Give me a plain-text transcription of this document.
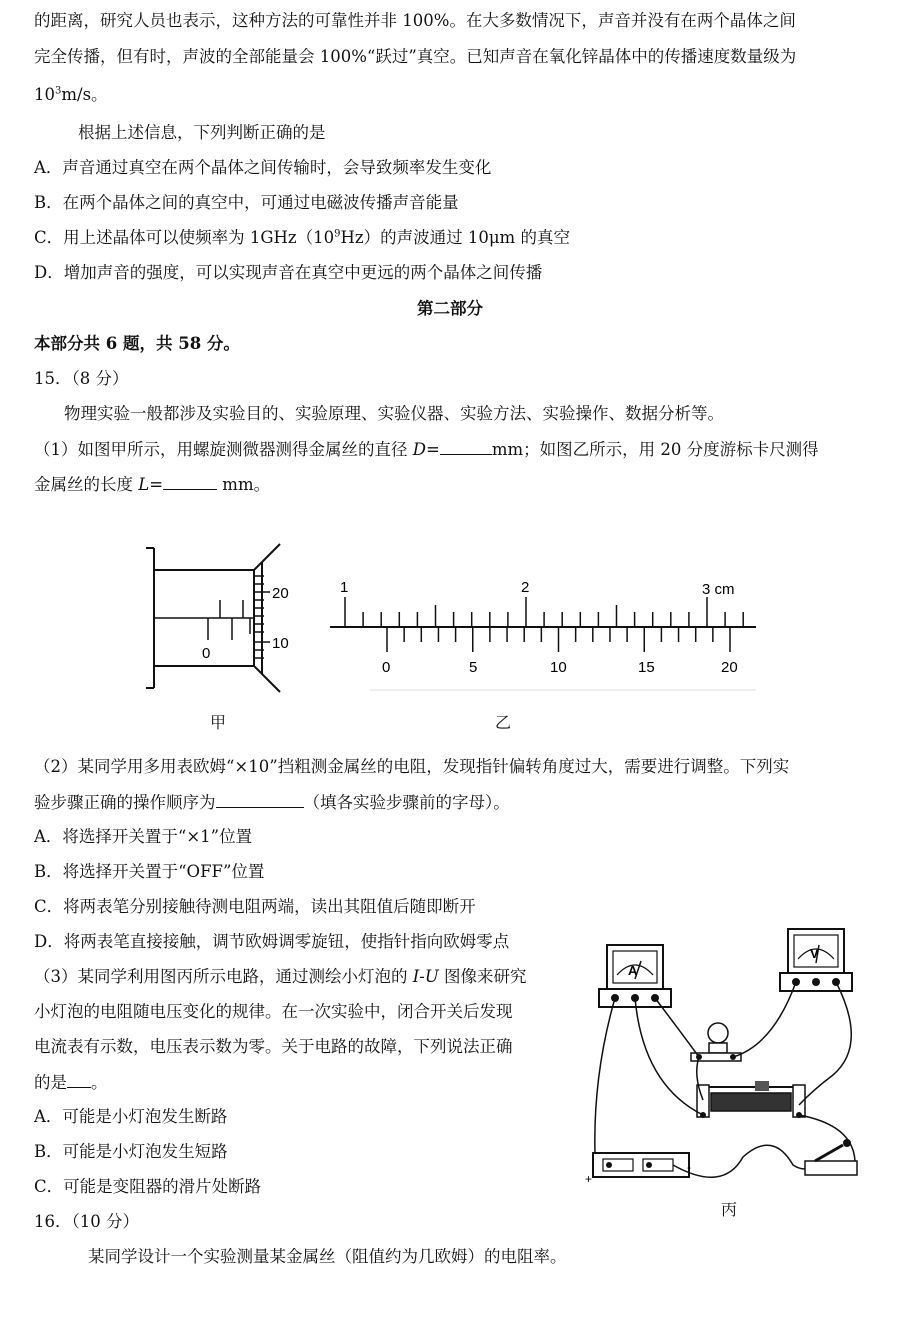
的距离，研究人员也表示，这种方法的可靠性并非 100%。在大多数情况下，声音并没有在两个晶体之间
完全传播，但有时，声波的全部能量会 100%“跃过”真空。已知声音在氧化锌晶体中的传播速度数量级为
$10^3m/s$。
根据上述信息，下列判断正确的是
A．声音通过真空在两个晶体之间传输时，会导致频率发生变化
B．在两个晶体之间的真空中，可通过电磁波传播声音能量
C．用上述晶体可以使频率为 $1GHz(10^9Hz)$的声波通过 10μm 的真空
D．增加声音的强度，可以实现声音在真空中更远的两个晶体之间传播
第二部分
本部分共 6 题，共 58 分。
15．（8 分）
物理实验一般都涉及实验目的、实验原理、实验仪器、实验方法、实验操作、数据分析等。
（1）如图甲所示，用螺旋测微器测得金属丝的直径 D=	mm；如图乙所示，用 20 分度游标卡尺测得
金属丝的长度 L=	mm。
20
10
0
甲
1	2	3 cm
0	5	10	15	20
乙
（2）某同学用多用表欧姆“×10”挡粗测金属丝的电阻，发现指针偏转角度过大，需要进行调整。下列实
验步骤正确的操作顺序为	（填各实验步骤前的字母）。
A．将选择开关置于“×1”位置
B．将选择开关置于“OFF”位置
C．将两表笔分别接触待测电阻两端，读出其阻值后随即断开
D．将两表笔直接接触，调节欧姆调零旋钮，使指针指向欧姆零点
（3）某同学利用图丙所示电路，通过测绘小灯泡的 I-U 图像来研究
小灯泡的电阻随电压变化的规律。在一次实验中，闭合开关后发现
电流表有示数，电压表示数为零。关于电路的故障，下列说法正确
的是 。
A．可能是小灯泡发生断路
B．可能是小灯泡发生短路
C．可能是变阻器的滑片处断路
A
V
+
-
丙
16．（10 分）
某同学设计一个实验测量某金属丝（阻值约为几欧姆）的电阻率。
